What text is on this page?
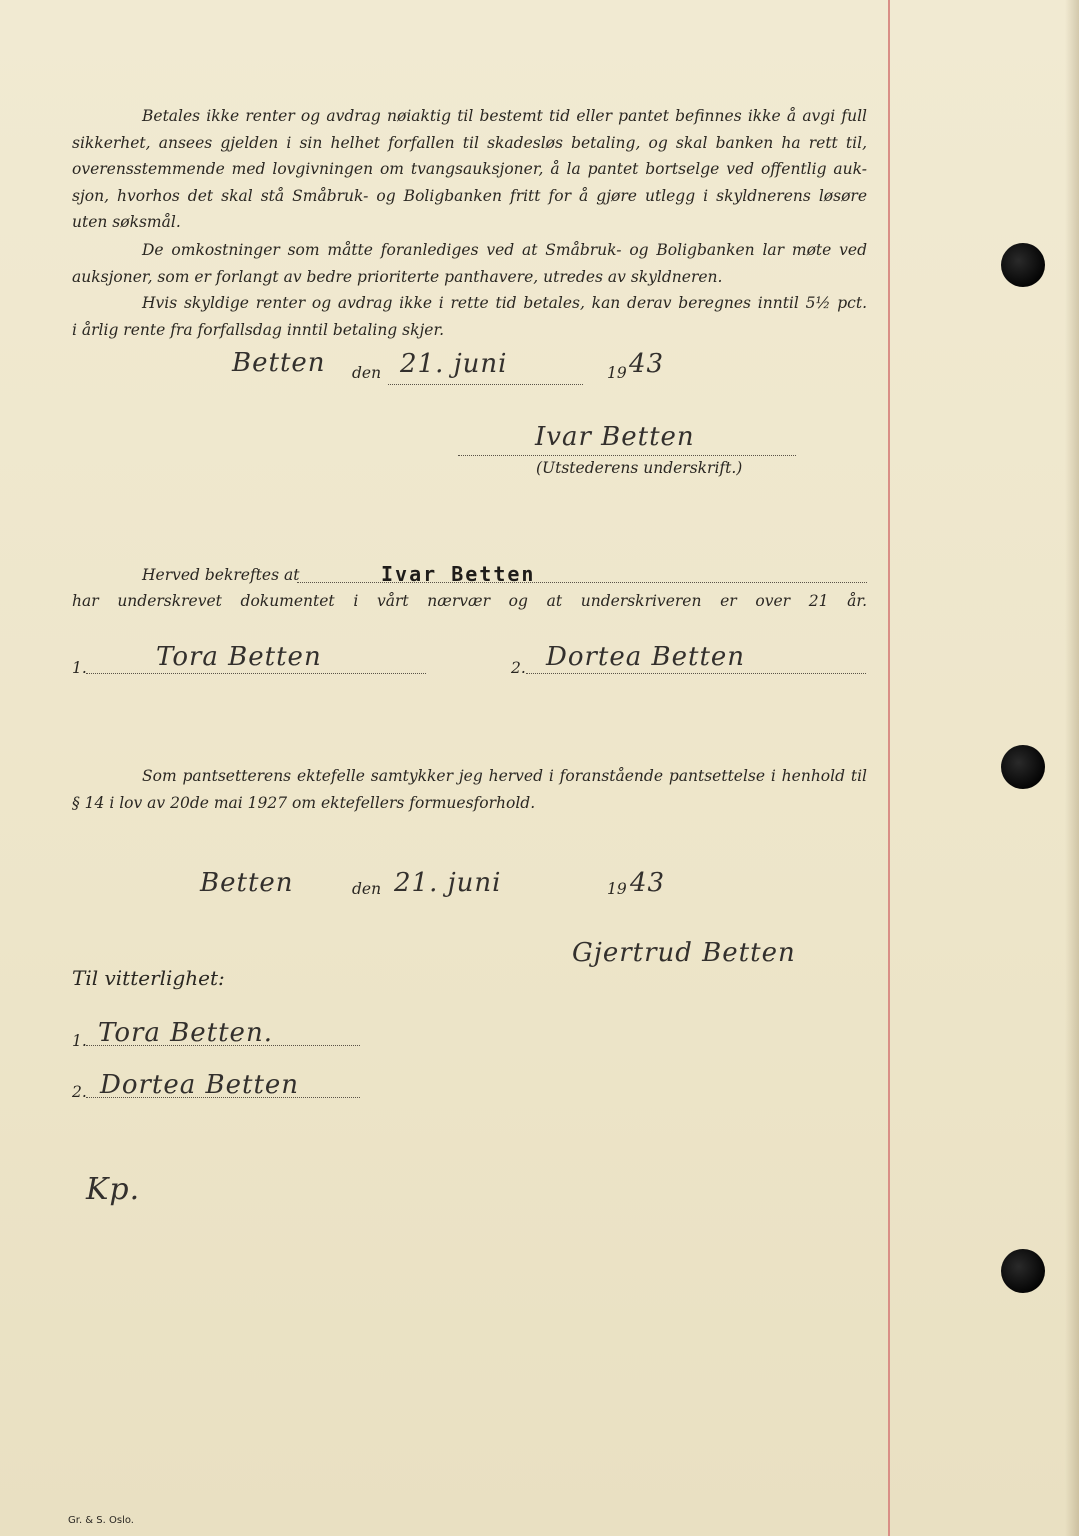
Betales ikke renter og avdrag nøiaktig til bestemt tid eller pantet befinnes ikke å avgi full
sikkerhet, ansees gjelden i sin helhet forfallen til skadesløs betaling, og skal banken ha rett til,
overensstemmende med lovgivningen om tvangsauksjoner, å la pantet bortselge ved offentlig auk-
sjon, hvorhos det skal stå Småbruk- og Boligbanken fritt for å gjøre utlegg i skyldnerens løsøre
uten søksmål.
De omkostninger som måtte foranlediges ved at Småbruk- og Boligbanken lar møte ved
auksjoner, som er forlangt av bedre prioriterte panthavere, utredes av skyldneren.
Hvis skyldige renter og avdrag ikke i rette tid betales, kan derav beregnes inntil 5½ pct.
i årlig rente fra forfallsdag inntil betaling skjer.
Betten den 21. juni	19 43
Ivar Betten
(Utstederens underskrift.)
Herved bekreftes at	Ivar Betten
har underskrevet dokumentet i vårt nærvær og at underskriveren er over 21 år.
1.	Tora Betten	2. Dortea Betten
Som pantsetterens ektefelle samtykker jeg herved i foranstående pantsettelse i henhold til
§ 14 i lov av 20de mai 1927 om ektefellers formuesforhold.
Betten	den 21. juni	19 43
Gjertrud Betten
Til vitterlighet:
1. Tora Betten.
2. Dortea Betten
Kp.
Gr. & S. Oslo.
